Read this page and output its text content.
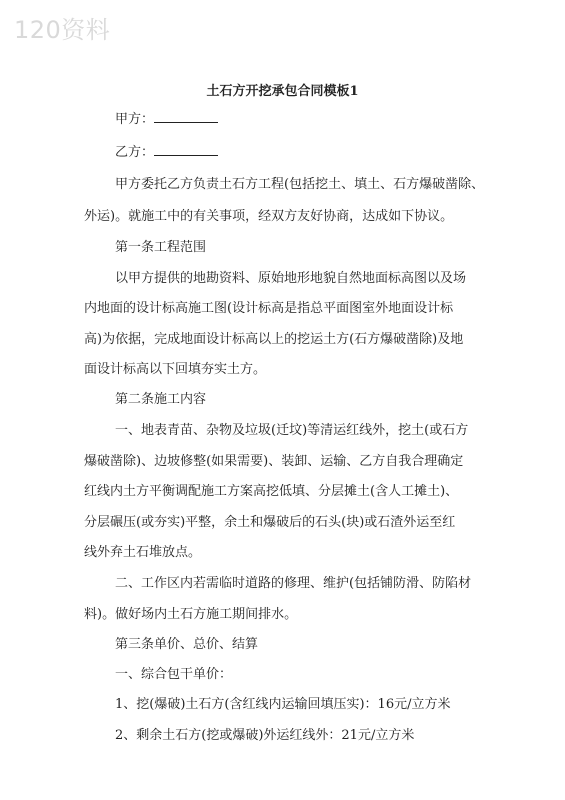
120资料
土石方开挖承包合同模板1
甲方：
乙方：
甲方委托乙方负责土石方工程(包括挖土、填土、石方爆破凿除、
外运)。就施工中的有关事项，经双方友好协商，达成如下协议。
第一条工程范围
以甲方提供的地勘资料、原始地形地貌自然地面标高图以及场
内地面的设计标高施工图(设计标高是指总平面图室外地面设计标
高)为依据，完成地面设计标高以上的挖运土方(石方爆破凿除)及地
面设计标高以下回填夯实土方。
第二条施工内容
一、地表青苗、杂物及垃圾(迁坟)等清运红线外，挖土(或石方
爆破凿除)、边坡修整(如果需要)、装卸、运输、乙方自我合理确定
红线内土方平衡调配施工方案高挖低填、分层摊土(含人工摊土)、
分层碾压(或夯实)平整，余土和爆破后的石头(块)或石渣外运至红
线外弃土石堆放点。
二、工作区内若需临时道路的修理、维护(包括铺防滑、防陷材
料)。做好场内土石方施工期间排水。
第三条单价、总价、结算
一、综合包干单价：
1、挖(爆破)土石方(含红线内运输回填压实)：16元/立方米
2、剩余土石方(挖或爆破)外运红线外：21元/立方米
